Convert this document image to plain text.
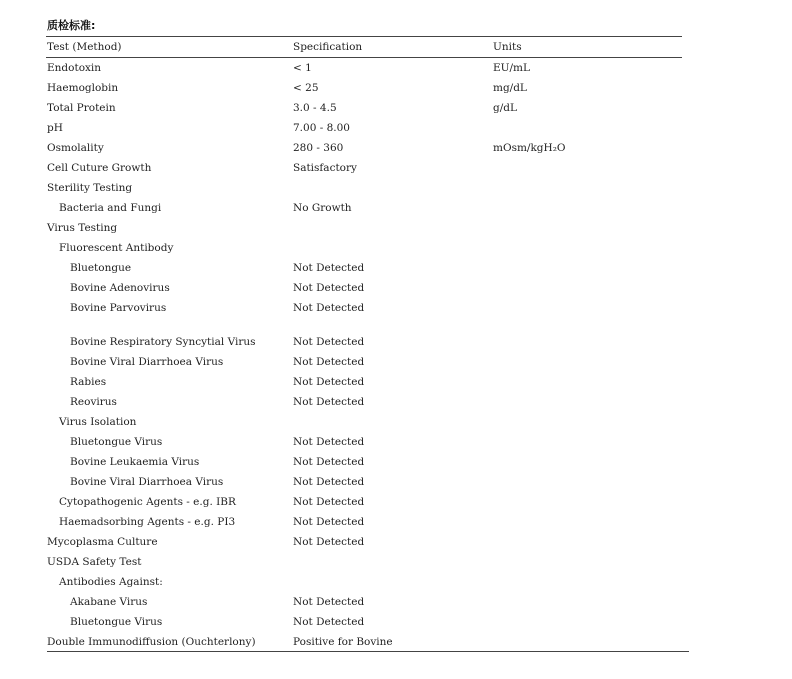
质检标准:
Test (Method)	Specification	Units
Endotoxin	< 1	EU/mL
Haemoglobin	< 25	mg/dL
Total Protein	3.0 - 4.5	g/dL
pH	7.00 - 8.00
Osmolality	280 - 360	mOsm/kgH₂O
Cell Cuture Growth	Satisfactory
Sterility Testing
Bacteria and Fungi	No Growth
Virus Testing
Fluorescent Antibody
Bluetongue	Not Detected
Bovine Adenovirus	Not Detected
Bovine Parvovirus	Not Detected
Bovine Respiratory Syncytial Virus	Not Detected
Bovine Viral Diarrhoea Virus	Not Detected
Rabies	Not Detected
Reovirus	Not Detected
Virus Isolation
Bluetongue Virus	Not Detected
Bovine Leukaemia Virus	Not Detected
Bovine Viral Diarrhoea Virus	Not Detected
Cytopathogenic Agents - e.g. IBR	Not Detected
Haemadsorbing Agents - e.g. PI3	Not Detected
Mycoplasma Culture	Not Detected
USDA Safety Test
Antibodies Against:
Akabane Virus	Not Detected
Bluetongue Virus	Not Detected
Double Immunodiffusion (Ouchterlony)	Positive for Bovine
